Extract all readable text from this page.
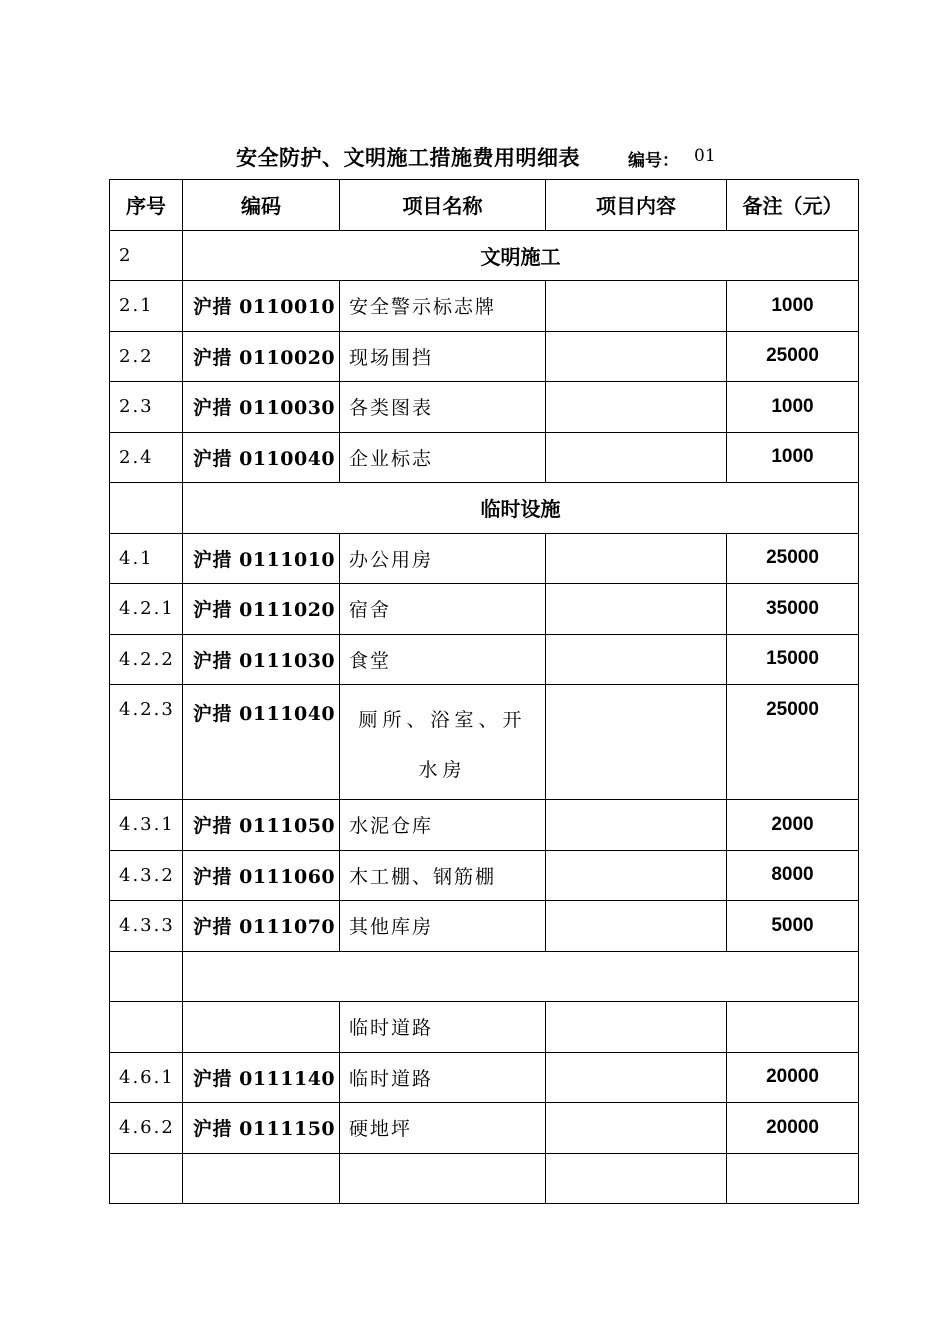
安全防护、文明施工措施费用明细表	编号： 01
序号	编码	项目名称	项目内容	备注（元）
2	文明施工			
2.1	沪措 0110010	安全警示标志牌		1000
2.2	沪措 0110020	现场围挡		25000
2.3	沪措 0110030	各类图表		1000
2.4	沪措 0110040	企业标志		1000
	临时设施			
4.1	沪措 0111010	办公用房		25000
4.2.1	沪措 0111020	宿舍		35000
4.2.2	沪措 0111030	食堂		15000
4.2.3	沪措 0111040	厕所、浴室、开水房		25000
4.3.1	沪措 0111050	水泥仓库		2000
4.3.2	沪措 0111060	木工棚、钢筋棚		8000
4.3.3	沪措 0111070	其他库房		5000

		临时道路		
4.6.1	沪措 0111140	临时道路		20000
4.6.2	沪措 0111150	硬地坪		20000
